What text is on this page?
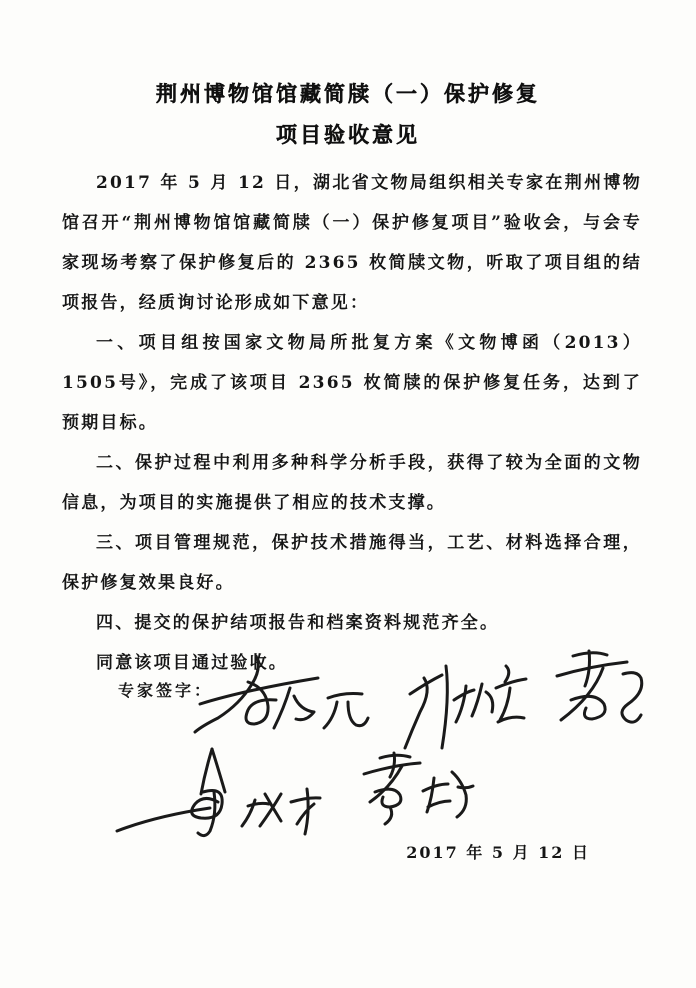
荆州博物馆馆藏简牍（一）保护修复
项目验收意见

2017 年 5 月 12 日，湖北省文物局组织相关专家在荆州博物馆召开“荆州博物馆馆藏简牍（一）保护修复项目”验收会，与会专家现场考察了保护修复后的 2365 枚简牍文物，听取了项目组的结项报告，经质询讨论形成如下意见：

一、项目组按国家文物局所批复方案《文物博函（2013）1505号》，完成了该项目 2365 枚简牍的保护修复任务，达到了预期目标。

二、保护过程中利用多种科学分析手段，获得了较为全面的文物信息，为项目的实施提供了相应的技术支撑。

三、项目管理规范，保护技术措施得当，工艺、材料选择合理，保护修复效果良好。

四、提交的保护结项报告和档案资料规范齐全。

同意该项目通过验收。

专家签字：
2017 年 5 月 12 日
